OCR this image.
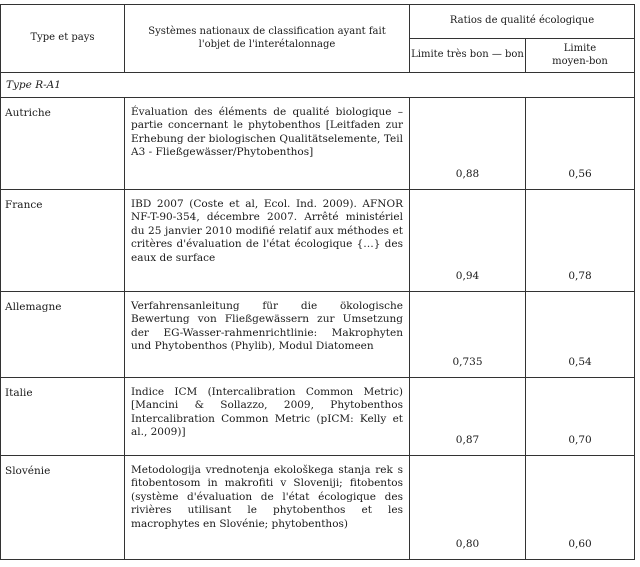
Type et pays	Systèmes nationaux de classification ayant fait l'objet de l'interétalonnage	Ratios de qualité écologique	
		Limite très bon — bon	Limite moyen-bon
Type R-A1			
Autriche	Évaluation des éléments de qualité biologique – partie concernant le phytobenthos [Leitfaden zur Erhebung der biologischen Qualitätselemente, Teil A3 - Fließgewässer/Phytobenthos]	0,88	0,56
France	IBD 2007 (Coste et al, Ecol. Ind. 2009). AFNOR NF-T-90-354, décembre 2007. Arrêté ministériel du 25 janvier 2010 modifié relatif aux méthodes et critères d'évaluation de l'état écologique {…} des eaux de surface	0,94	0,78
Allemagne	Verfahrensanleitung für die ökologische Bewertung von Fließgewässern zur Umsetzung der EG-Wasser-rahmenrichtlinie: Makrophyten und Phytobenthos (Phylib), Modul Diatomeen	0,735	0,54
Italie	Indice ICM (Intercalibration Common Metric) [Mancini & Sollazzo, 2009, Phytobenthos Intercalibration Common Metric (pICM: Kelly et al., 2009)]	0,87	0,70
Slovénie	Metodologija vrednotenja ekološkega stanja rek s fitobentosom in makrofiti v Sloveniji; fitobentos (système d'évaluation de l'état écologique des rivières utilisant le phytobenthos et les macrophytes en Slovénie; phytobenthos)	0,80	0,60
